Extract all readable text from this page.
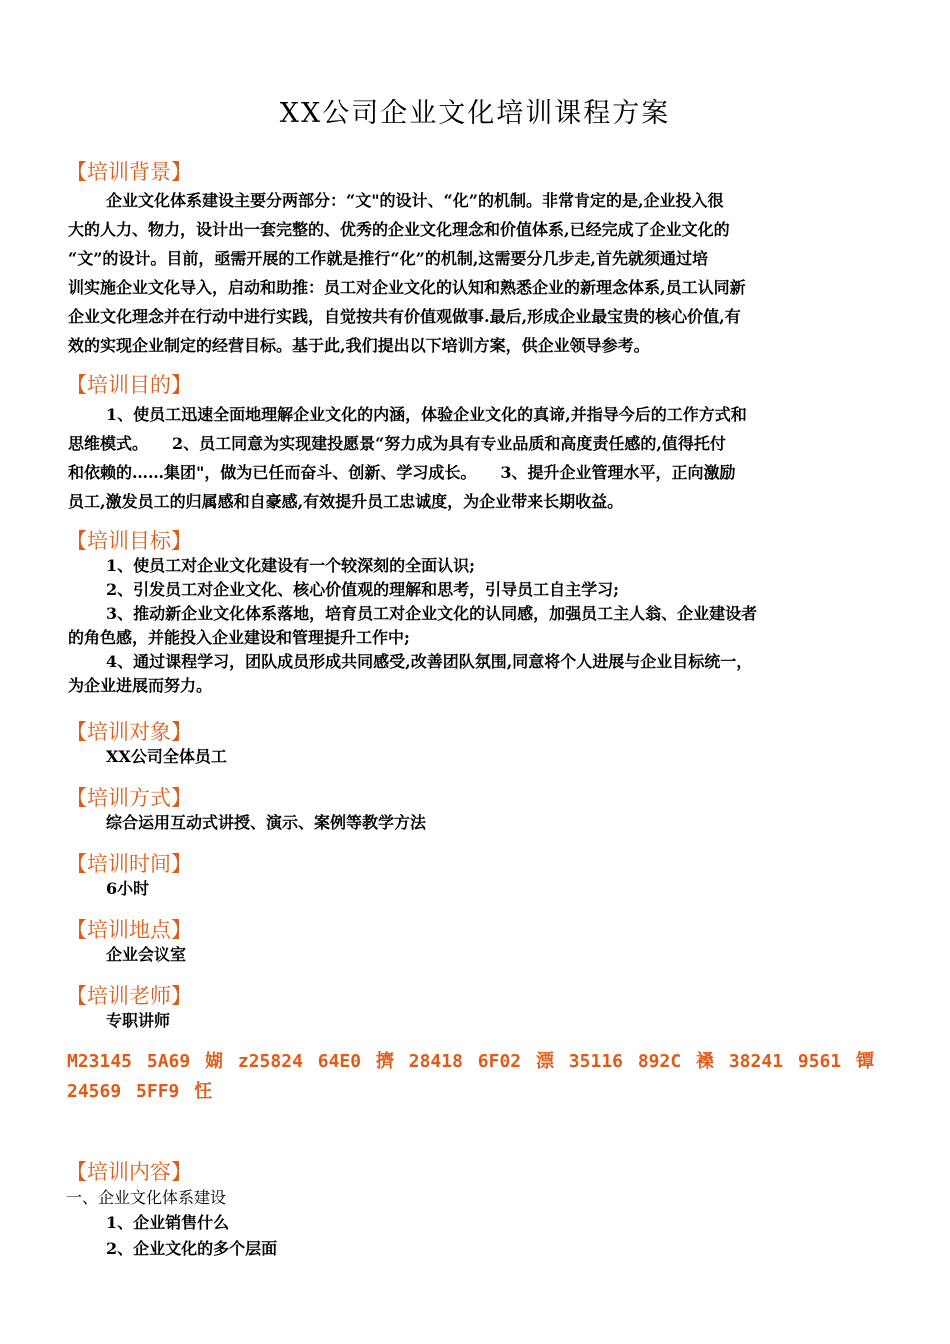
XX公司企业文化培训课程方案
【培训背景】
企业文化体系建设主要分两部分：“文"的设计、“化”的机制。非常肯定的是,企业投入很
大的人力、物力，设计出一套完整的、优秀的企业文化理念和价值体系,已经完成了企业文化的
“文”的设计。目前，亟需开展的工作就是推行“化”的机制,这需要分几步走,首先就须通过培
训实施企业文化导入，启动和助推：员工对企业文化的认知和熟悉企业的新理念体系,员工认同新
企业文化理念并在行动中进行实践，自觉按共有价值观做事.最后,形成企业最宝贵的核心价值,有
效的实现企业制定的经营目标。基于此,我们提出以下培训方案，供企业领导参考。
【培训目的】
1、使员工迅速全面地理解企业文化的内涵，体验企业文化的真谛,并指导今后的工作方式和
思维模式。　　2、员工同意为实现建投愿景“努力成为具有专业品质和高度责任感的,值得托付
和依赖的……集团"，做为已任而奋斗、创新、学习成长。　　3、提升企业管理水平，正向激励
员工,激发员工的归属感和自豪感,有效提升员工忠诚度，为企业带来长期收益。
【培训目标】
1、使员工对企业文化建设有一个较深刻的全面认识;
2、引发员工对企业文化、核心价值观的理解和思考，引导员工自主学习;
3、推动新企业文化体系落地，培育员工对企业文化的认同感，加强员工主人翁、企业建设者
的角色感，并能投入企业建设和管理提升工作中;
4、通过课程学习，团队成员形成共同感受,改善团队氛围,同意将个人进展与企业目标统一，
为企业进展而努力。
【培训对象】
XX公司全体员工
【培训方式】
综合运用互动式讲授、演示、案例等教学方法
【培训时间】
6小时
【培训地点】
企业会议室
【培训老师】
专职讲师
M23145 5A69 媩 z25824 64E0 擠 28418 6F02 漂 35116 892C 褬 38241 9561 镡
24569 5FF9 忹
【培训内容】
一、企业文化体系建设
1、企业销售什么
2、企业文化的多个层面
